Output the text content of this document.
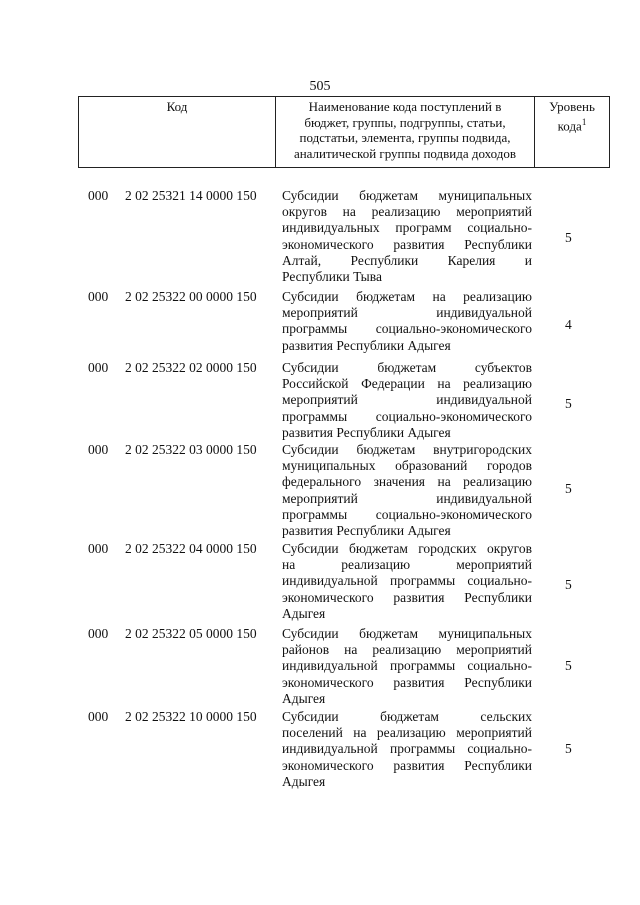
505
Код	Наименование кода поступлений в
бюджет, группы, подгруппы, статьи,
подстатьи, элемента, группы подвида,
аналитической группы подвида доходов

Уровень
кода$^1$
000 2 02 25321 14 0000 150 Субсидии бюджетам муниципальных
округов на реализацию мероприятий
индивидуальных программ социально-
экономического развития Республики
Алтай, Республики Карелия и
Республики Тыва
5
000 2 02 25322 00 0000 150 Субсидии бюджетам на реализацию
мероприятий индивидуальной
программы социально-экономического
развития Республики Адыгея
4
000 2 02 25322 02 0000 150 Субсидии бюджетам субъектов
Российской Федерации на реализацию
мероприятий индивидуальной
программы социально-экономического
развития Республики Адыгея
5
000 2 02 25322 03 0000 150 Субсидии бюджетам внутригородских
муниципальных образований городов
федерального значения на реализацию
мероприятий индивидуальной
программы социально-экономического
развития Республики Адыгея
5
000 2 02 25322 04 0000 150 Субсидии бюджетам городских округов
на реализацию мероприятий
индивидуальной программы социально-
экономического развития Республики
Адыгея
5
000 2 02 25322 05 0000 150 Субсидии бюджетам муниципальных
районов на реализацию мероприятий
индивидуальной программы социально-
экономического развития Республики
Адыгея
5
000 2 02 25322 10 0000 150 Субсидии бюджетам сельских
поселений на реализацию мероприятий
индивидуальной программы социально-
экономического развития Республики
Адыгея
5
